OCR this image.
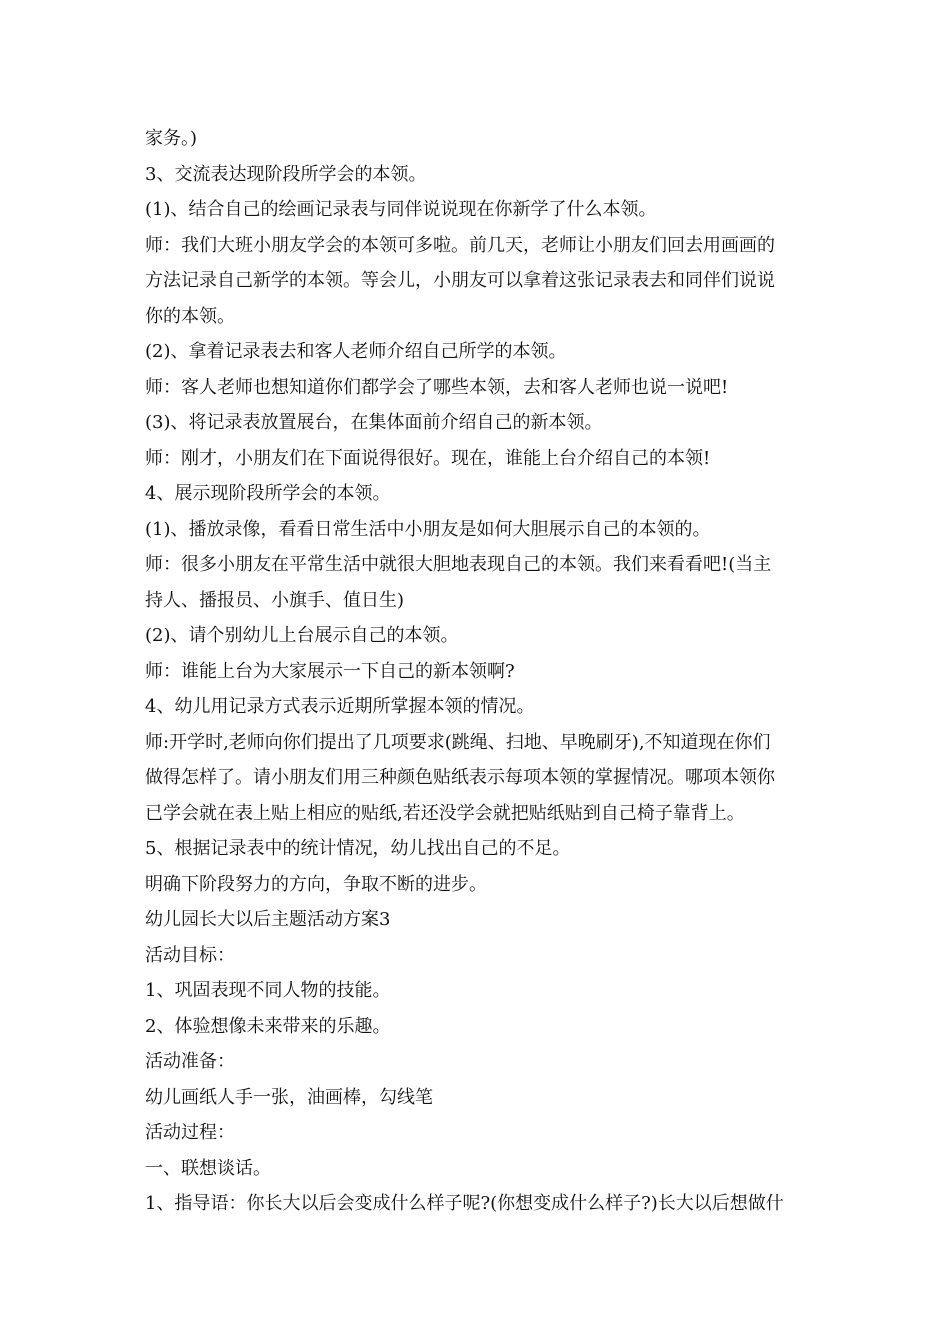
家务。)
3、交流表达现阶段所学会的本领。
(1)、结合自己的绘画记录表与同伴说说现在你新学了什么本领。
师：我们大班小朋友学会的本领可多啦。前几天，老师让小朋友们回去用画画的
方法记录自己新学的本领。等会儿，小朋友可以拿着这张记录表去和同伴们说说
你的本领。
(2)、拿着记录表去和客人老师介绍自己所学的本领。
师：客人老师也想知道你们都学会了哪些本领，去和客人老师也说一说吧!
(3)、将记录表放置展台，在集体面前介绍自己的新本领。
师：刚才，小朋友们在下面说得很好。现在，谁能上台介绍自己的本领!
4、展示现阶段所学会的本领。
(1)、播放录像，看看日常生活中小朋友是如何大胆展示自己的本领的。
师：很多小朋友在平常生活中就很大胆地表现自己的本领。我们来看看吧!(当主
持人、播报员、小旗手、值日生)
(2)、请个别幼儿上台展示自己的本领。
师：谁能上台为大家展示一下自己的新本领啊?
4、幼儿用记录方式表示近期所掌握本领的情况。
师:开学时,老师向你们提出了几项要求(跳绳、扫地、早晚刷牙),不知道现在你们
做得怎样了。请小朋友们用三种颜色贴纸表示每项本领的掌握情况。哪项本领你
已学会就在表上贴上相应的贴纸,若还没学会就把贴纸贴到自己椅子靠背上。
5、根据记录表中的统计情况，幼儿找出自己的不足。
明确下阶段努力的方向，争取不断的进步。
幼儿园长大以后主题活动方案3
活动目标：
1、巩固表现不同人物的技能。
2、体验想像未来带来的乐趣。
活动准备：
幼儿画纸人手一张，油画棒，勾线笔
活动过程：
一、联想谈话。
1、指导语：你长大以后会变成什么样子呢?(你想变成什么样子?)长大以后想做什
